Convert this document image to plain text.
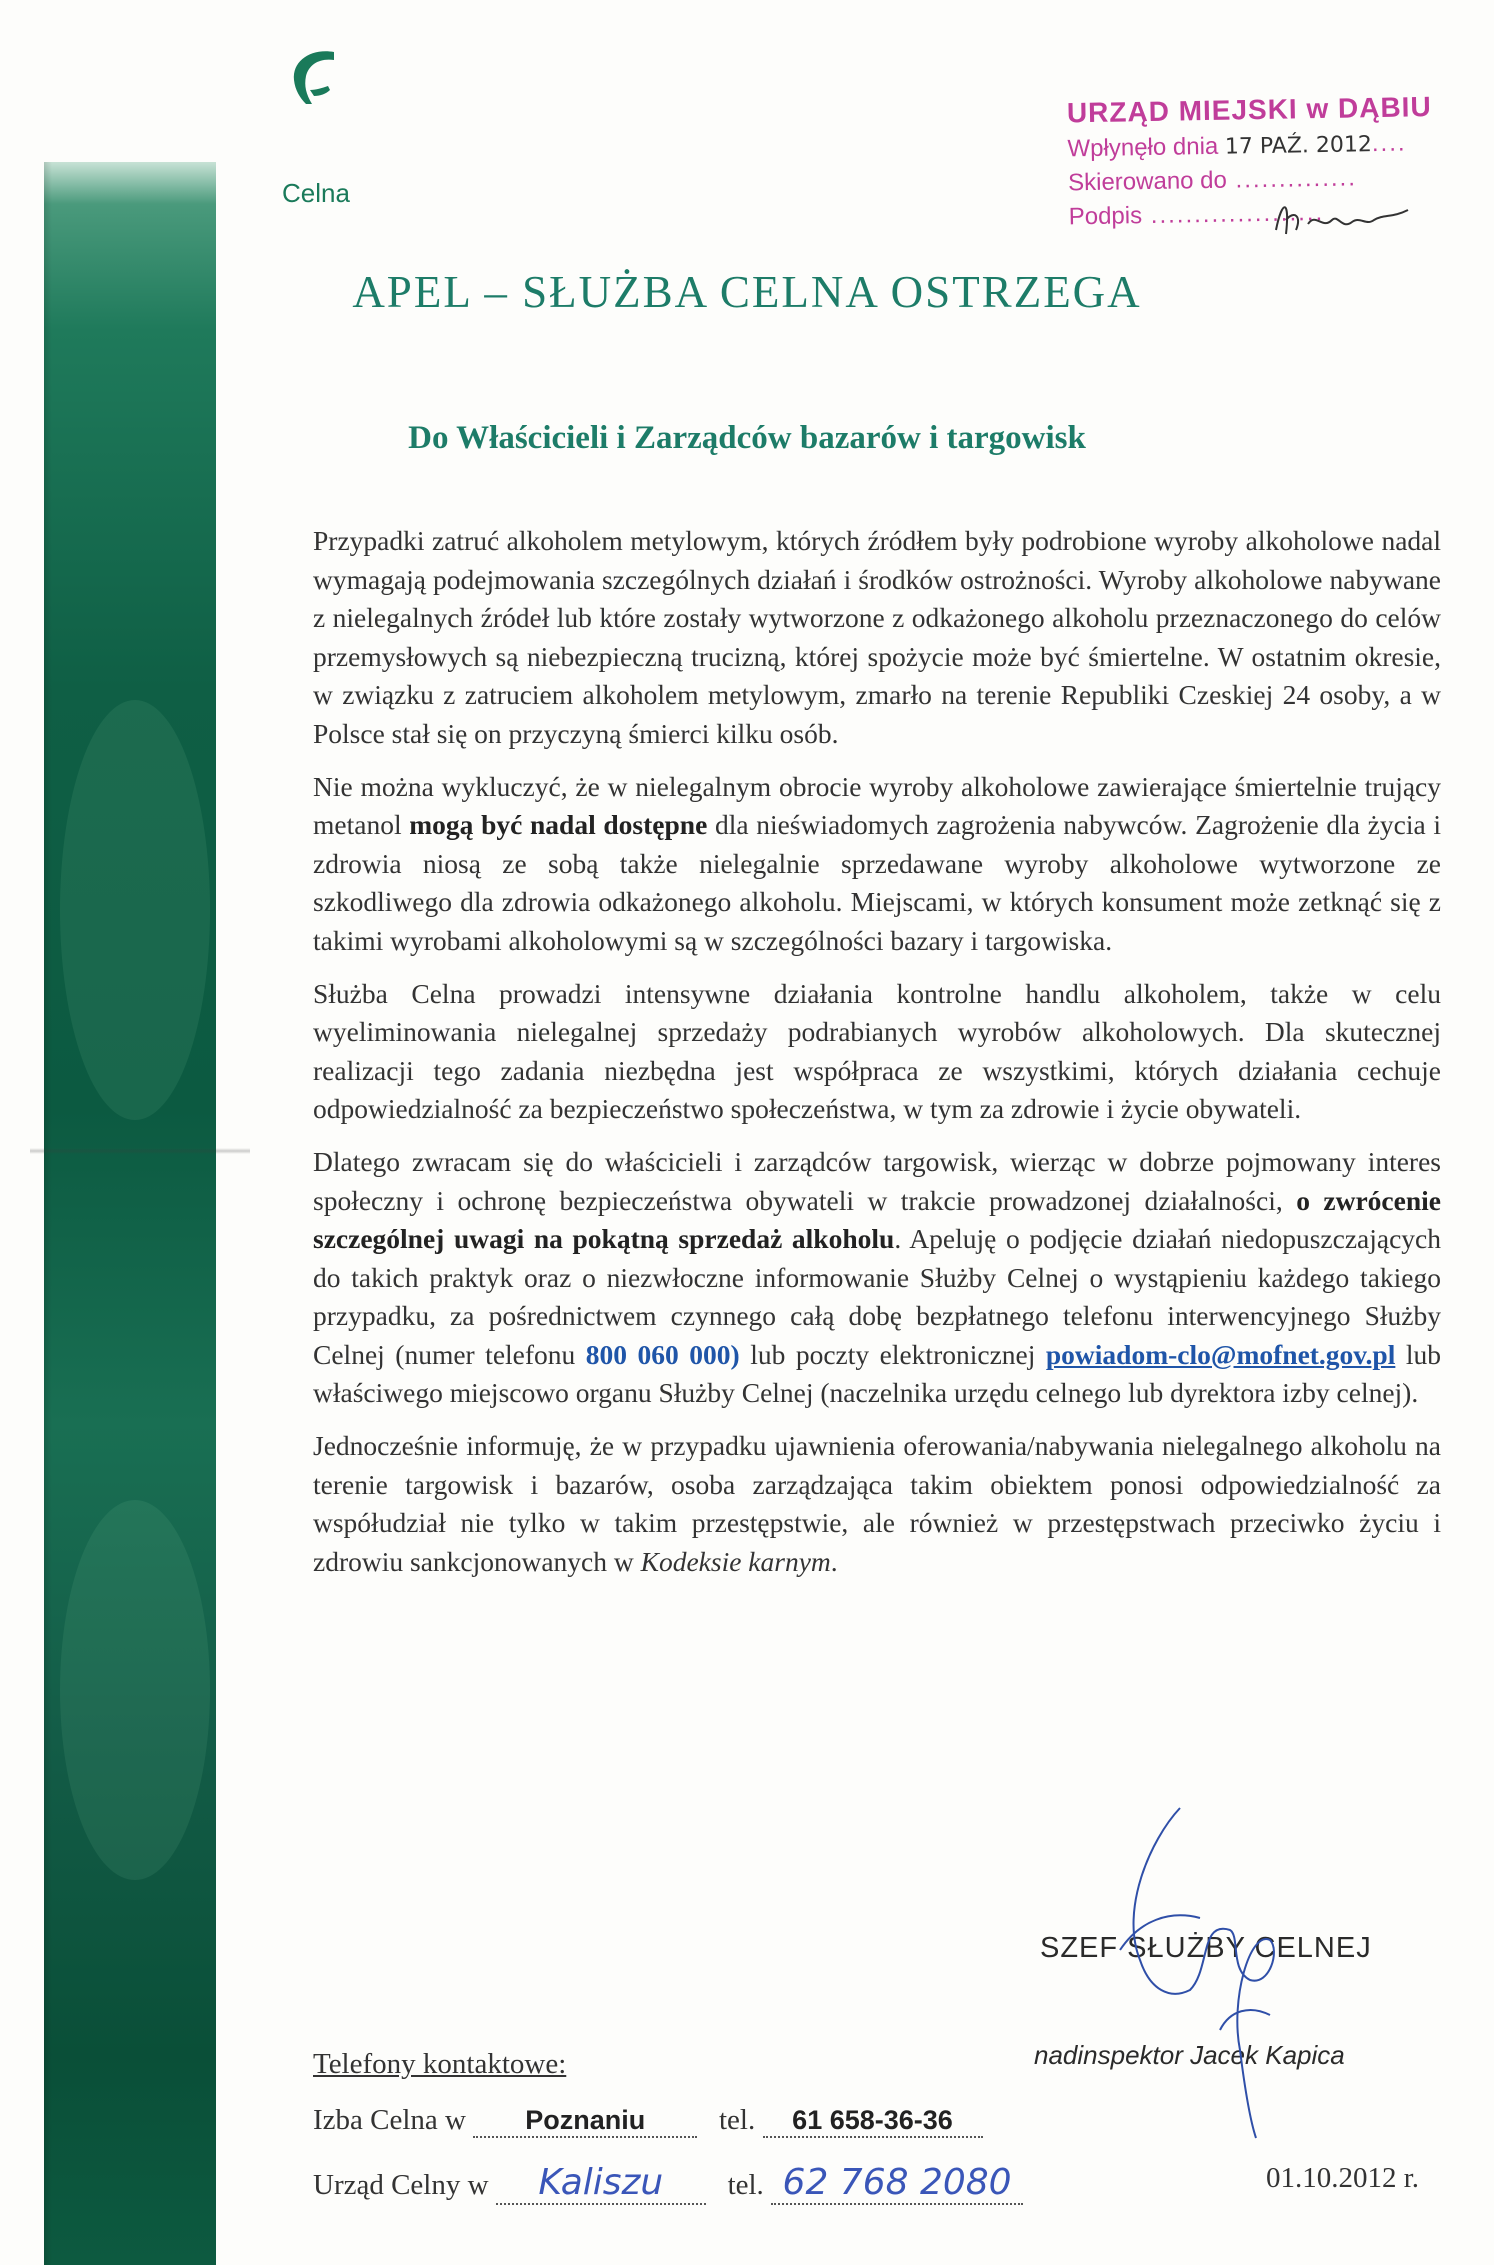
Celna
URZĄD MIEJSKI w DĄBIU
Wpłynęło dnia 17 PAŹ. 2012....
Skierowano do ..............
Podpis ....................
APEL – SŁUŻBA CELNA OSTRZEGA
Do Właścicieli i Zarządców bazarów i targowisk

Przypadki zatruć alkoholem metylowym, których źródłem były podrobione wyroby alkoholowe nadal wymagają podejmowania szczególnych działań i środków ostrożności. Wyroby alkoholowe nabywane z nielegalnych źródeł lub które zostały wytworzone z odkażonego alkoholu przeznaczonego do celów przemysłowych są niebezpieczną trucizną, której spożycie może być śmiertelne. W ostatnim okresie, w związku z zatruciem alkoholem metylowym, zmarło na terenie Republiki Czeskiej 24 osoby, a w Polsce stał się on przyczyną śmierci kilku osób.

Nie można wykluczyć, że w nielegalnym obrocie wyroby alkoholowe zawierające śmiertelnie trujący metanol mogą być nadal dostępne dla nieświadomych zagrożenia nabywców. Zagrożenie dla życia i zdrowia niosą ze sobą także nielegalnie sprzedawane wyroby alkoholowe wytworzone ze szkodliwego dla zdrowia odkażonego alkoholu. Miejscami, w których konsument może zetknąć się z takimi wyrobami alkoholowymi są w szczególności bazary i targowiska.

Służba Celna prowadzi intensywne działania kontrolne handlu alkoholem, także w celu wyeliminowania nielegalnej sprzedaży podrabianych wyrobów alkoholowych. Dla skutecznej realizacji tego zadania niezbędna jest współpraca ze wszystkimi, których działania cechuje odpowiedzialność za bezpieczeństwo społeczeństwa, w tym za zdrowie i życie obywateli.

Dlatego zwracam się do właścicieli i zarządców targowisk, wierząc w dobrze pojmowany interes społeczny i ochronę bezpieczeństwa obywateli w trakcie prowadzonej działalności, o zwrócenie szczególnej uwagi na pokątną sprzedaż alkoholu. Apeluję o podjęcie działań niedopuszczających do takich praktyk oraz o niezwłoczne informowanie Służby Celnej o wystąpieniu każdego takiego przypadku, za pośrednictwem czynnego całą dobę bezpłatnego telefonu interwencyjnego Służby Celnej (numer telefonu 800 060 000) lub poczty elektronicznej powiadom-clo@mofnet.gov.pl lub właściwego miejscowo organu Służby Celnej (naczelnika urzędu celnego lub dyrektora izby celnej).

Jednocześnie informuję, że w przypadku ujawnienia oferowania/nabywania nielegalnego alkoholu na terenie targowisk i bazarów, osoba zarządzająca takim obiektem ponosi odpowiedzialność za współudział nie tylko w takim przestępstwie, ale również w przestępstwach przeciwko życiu i zdrowiu sankcjonowanych w Kodeksie karnym.

SZEF SŁUŻBY CELNEJ
nadinspektor Jacek Kapica
Telefony kontaktowe:
Izba Celna w Poznaniu	tel. 61 658-36-36
Urząd Celny w Kaliszu tel. 62 768 2080	01.10.2012 r.
